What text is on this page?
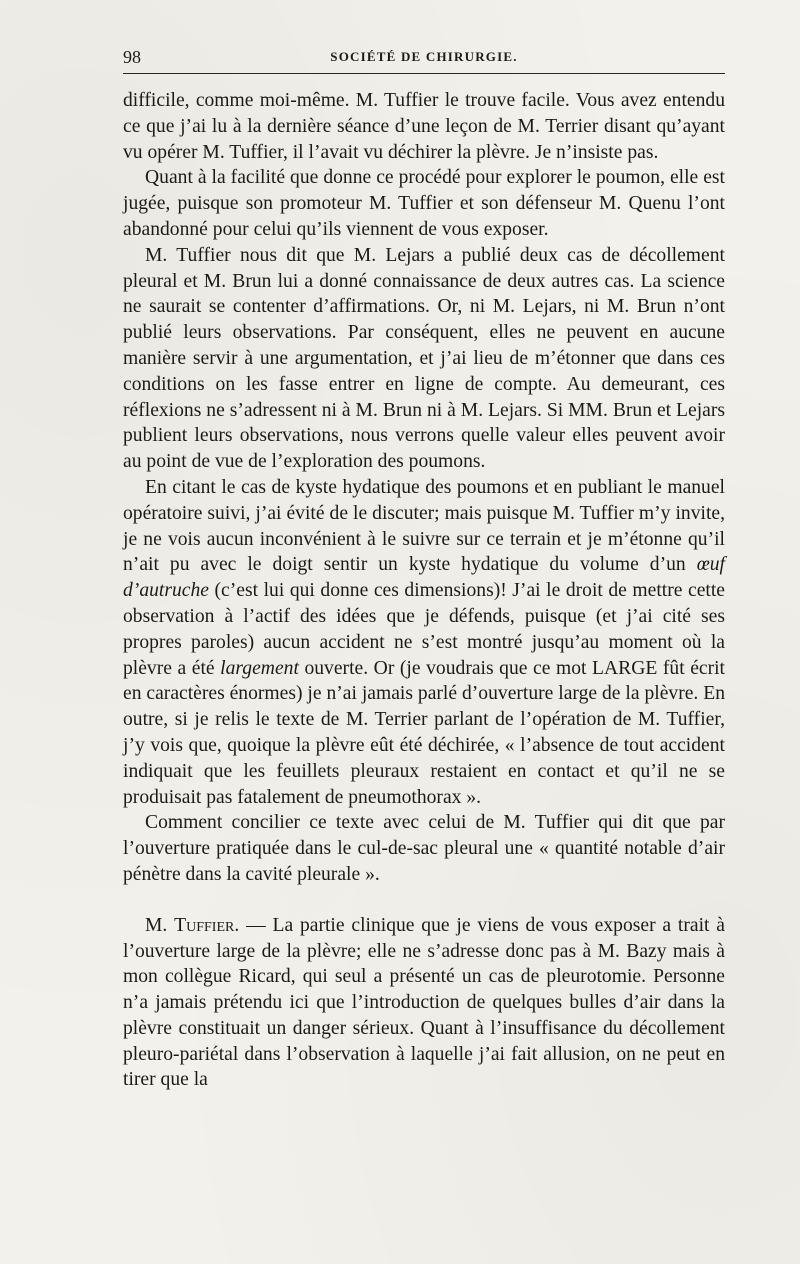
98	SOCIÉTÉ DE CHIRURGIE.

difficile, comme moi-même. M. Tuffier le trouve facile. Vous avez entendu ce que j’ai lu à la dernière séance d’une leçon de M. Terrier disant qu’ayant vu opérer M. Tuffier, il l’avait vu déchirer la plèvre. Je n’insiste pas.

Quant à la facilité que donne ce procédé pour explorer le poumon, elle est jugée, puisque son promoteur M. Tuffier et son défenseur M. Quenu l’ont abandonné pour celui qu’ils viennent de vous exposer.

M. Tuffier nous dit que M. Lejars a publié deux cas de décollement pleural et M. Brun lui a donné connaissance de deux autres cas. La science ne saurait se contenter d’affirmations. Or, ni M. Lejars, ni M. Brun n’ont publié leurs observations. Par conséquent, elles ne peuvent en aucune manière servir à une argumentation, et j’ai lieu de m’étonner que dans ces conditions on les fasse entrer en ligne de compte. Au demeurant, ces réflexions ne s’adressent ni à M. Brun ni à M. Lejars. Si MM. Brun et Lejars publient leurs observations, nous verrons quelle valeur elles peuvent avoir au point de vue de l’exploration des poumons.

En citant le cas de kyste hydatique des poumons et en publiant le manuel opératoire suivi, j’ai évité de le discuter; mais puisque M. Tuffier m’y invite, je ne vois aucun inconvénient à le suivre sur ce terrain et je m’étonne qu’il n’ait pu avec le doigt sentir un kyste hydatique du volume d’un œuf d’autruche (c’est lui qui donne ces dimensions)! J’ai le droit de mettre cette observation à l’actif des idées que je défends, puisque (et j’ai cité ses propres paroles) aucun accident ne s’est montré jusqu’au moment où la plèvre a été largement ouverte. Or (je voudrais que ce mot LARGE fût écrit en caractères énormes) je n’ai jamais parlé d’ouverture large de la plèvre. En outre, si je relis le texte de M. Terrier parlant de l’opération de M. Tuffier, j’y vois que, quoique la plèvre eût été déchirée, « l’absence de tout accident indiquait que les feuillets pleuraux restaient en contact et qu’il ne se produisait pas fatalement de pneumothorax ».

Comment concilier ce texte avec celui de M. Tuffier qui dit que par l’ouverture pratiquée dans le cul-de-sac pleural une « quantité notable d’air pénètre dans la cavité pleurale ».

M. Tuffier. — La partie clinique que je viens de vous exposer a trait à l’ouverture large de la plèvre; elle ne s’adresse donc pas à M. Bazy mais à mon collègue Ricard, qui seul a présenté un cas de pleurotomie. Personne n’a jamais prétendu ici que l’introduction de quelques bulles d’air dans la plèvre constituait un danger sérieux. Quant à l’insuffisance du décollement pleuro-pariétal dans l’observation à laquelle j’ai fait allusion, on ne peut en tirer que la
